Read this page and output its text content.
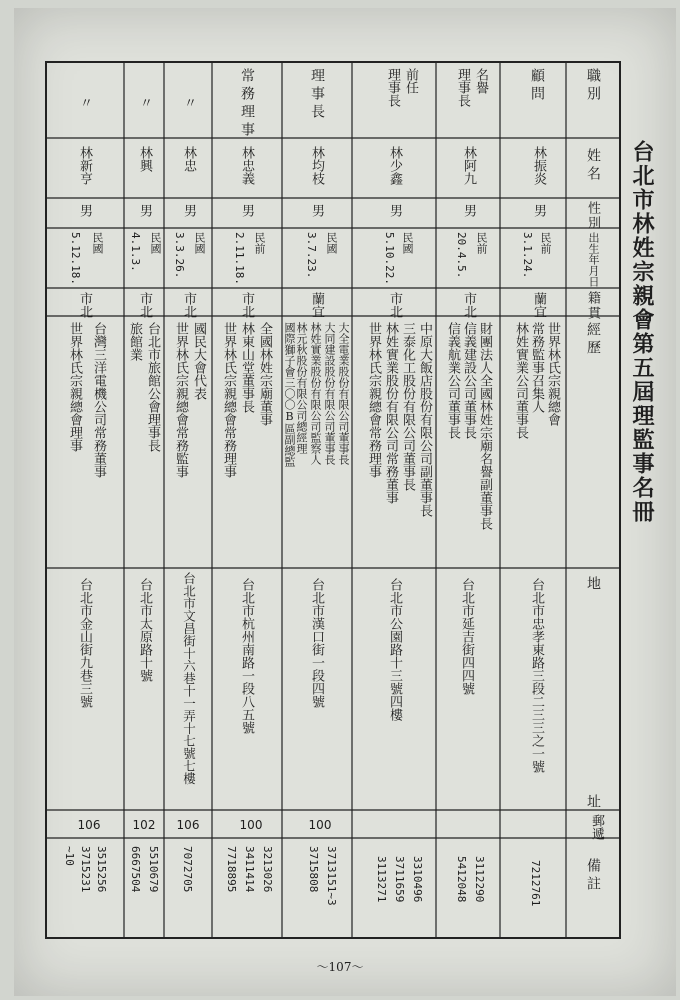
台北市林姓宗親會第五屆理監事名冊
職別
姓名
性別
出生年月日
籍貫
經歷
地
址
郵遞
備註
顧問
林振炎
男
民前
3.1.24.
蘭宜
世界林氏宗親總會
常務監事召集人
林姓實業公司董事長
台北市忠孝東路三段二三三之一號
7212761
名譽
理事長
林阿九
男
民前
20.4.5.
市北
財團法人全國林姓宗廟名譽副董事長
信義建設公司董事長
信義航業公司董事長
台北市延吉街四四號
3112290
5412048
前任
理事長
林少鑫
男
民國
5.10.22.
市北
中原大飯店股份有限公司副董事長
三泰化工股份有限公司董事長
林姓實業股份有限公司常務董事
世界林氏宗親總會常務理事
台北市公園路十三號四樓
3310496
3711659
3113271
理事長
林均枝
男
民國
3.7.23.
蘭宜
大全電業股份有限公司董事長
大同建設股份有限公司董事長
林姓實業股份有限公司監察人
林元秋股份有限公司總經理
國際獅子會三〇〇B區副總監
台北市漢口街一段四號
100
3713151~3
3715808
常務理事
林忠義
男
民前
2.11.18.
市北
全國林姓宗廟董事
林東山堂董事長
世界林氏宗親總會常務理事
台北市杭州南路一段八五號
100
3213026
3411414
7718895
〃
林忠
男
民國
3.3.26.
市北
國民大會代表
世界林氏宗親總會常務監事
台北市文昌街十六巷十一弄十七號七樓
106
7072705
〃
林興
男
民國
4.1.3.
市北
台北市旅館公會理事長
旅館業
台北市太原路十號
102
5510679
6667504
〃
林新亨
男
民國
5.12.18.
市北
台灣三洋電機公司常務董事
世界林氏宗親總會理事
台北市金山街九巷三號
106
3515256
3715231
~10
～107～
